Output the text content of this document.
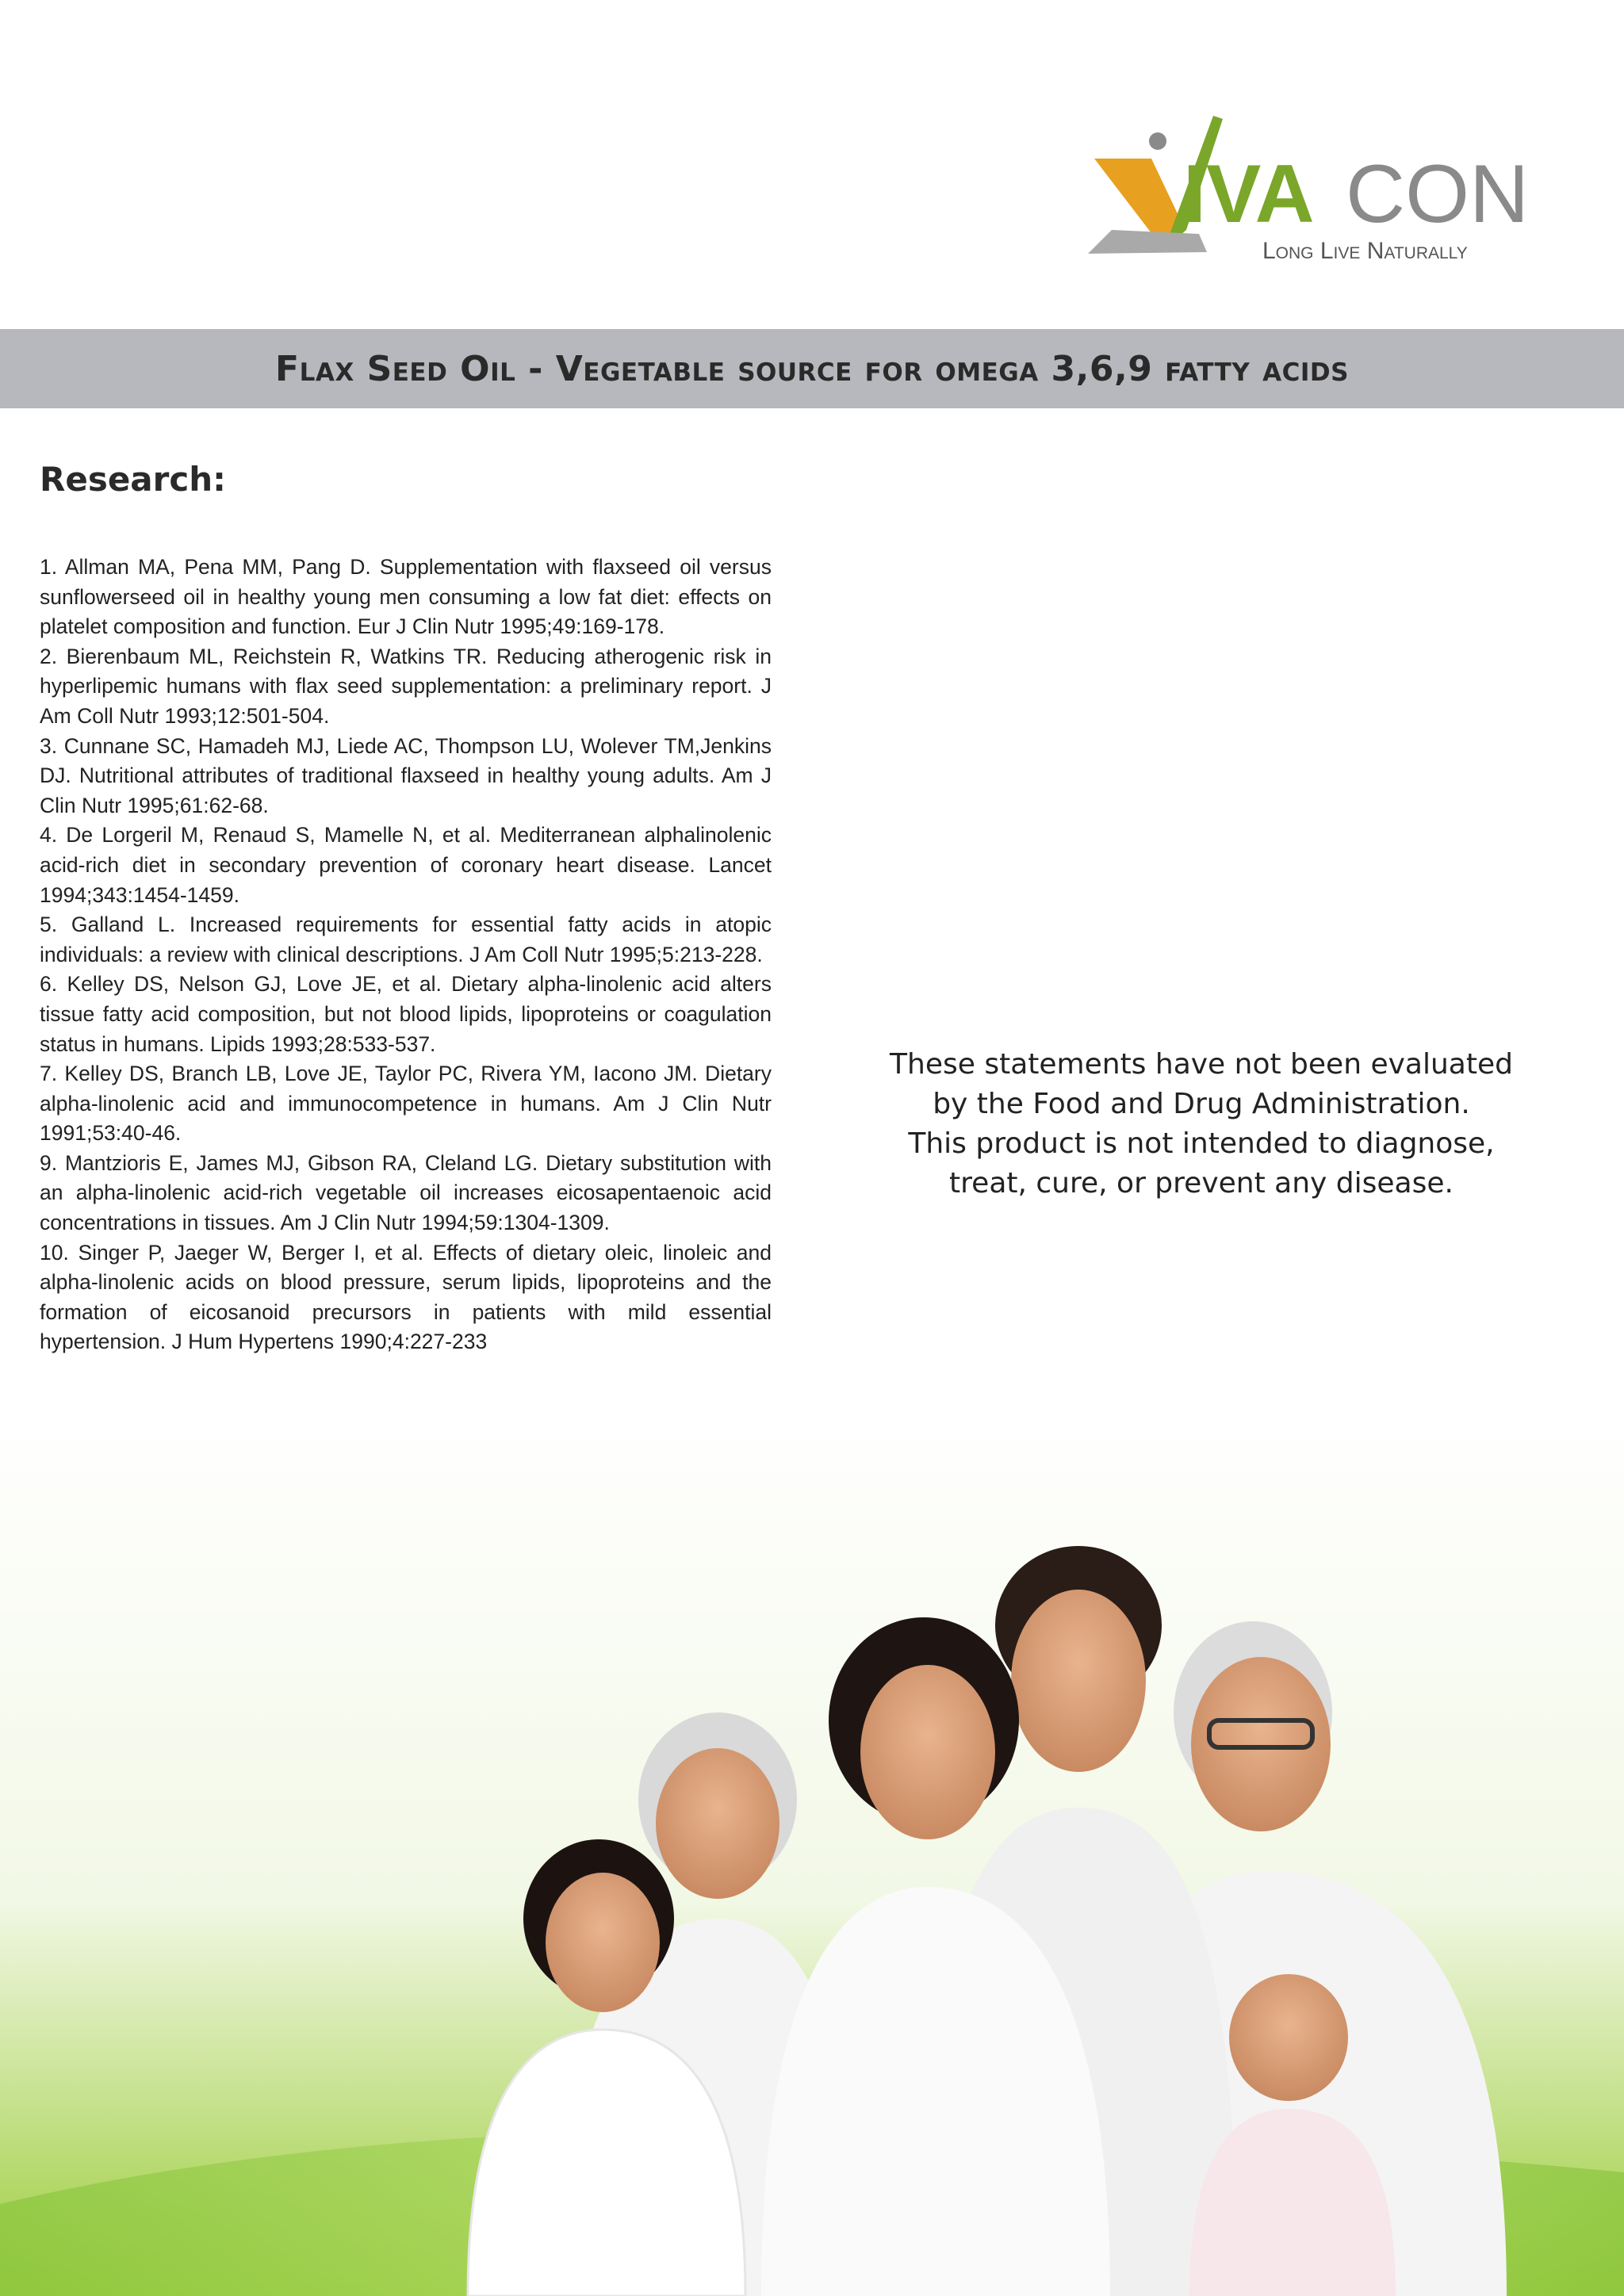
IVA CON
Long Live Naturally
Flax Seed Oil - Vegetable source for omega 3,6,9 fatty acids
Research:
1. Allman MA, Pena MM, Pang D. Supplementation with flaxseed oil versus sunflowerseed oil in healthy young men consuming a low fat diet: effects on platelet composition and function. Eur J Clin Nutr 1995;49:169-178.
2. Bierenbaum ML, Reichstein R, Watkins TR. Reducing atherogenic risk in hyperlipemic humans with flax seed supplementation: a preliminary report. J Am Coll Nutr 1993;12:501-504.
3. Cunnane SC, Hamadeh MJ, Liede AC, Thompson LU, Wolever TM,Jenkins DJ. Nutritional attributes of traditional flaxseed in healthy young adults. Am J Clin Nutr 1995;61:62-68.
4. De Lorgeril M, Renaud S, Mamelle N, et al. Mediterranean alphalinolenic acid-rich diet in secondary prevention of coronary heart disease. Lancet 1994;343:1454-1459.
5. Galland L. Increased requirements for essential fatty acids in atopic individuals: a review with clinical descriptions. J Am Coll Nutr 1995;5:213-228.
6. Kelley DS, Nelson GJ, Love JE, et al. Dietary alpha-linolenic acid alters tissue fatty acid composition, but not blood lipids, lipoproteins or coagulation status in humans. Lipids 1993;28:533-537.
7. Kelley DS, Branch LB, Love JE, Taylor PC, Rivera YM, Iacono JM. Dietary alpha-linolenic acid and immunocompetence in humans. Am J Clin Nutr 1991;53:40-46.
9. Mantzioris E, James MJ, Gibson RA, Cleland LG. Dietary substitution with an alpha-linolenic acid-rich vegetable oil increases eicosapentaenoic acid concentrations in tissues. Am J Clin Nutr 1994;59:1304-1309.
10. Singer P, Jaeger W, Berger I, et al. Effects of dietary oleic, linoleic and alpha-linolenic acids on blood pressure, serum lipids, lipoproteins and the formation of eicosanoid precursors in patients with mild essential hypertension. J Hum Hypertens 1990;4:227-233
These statements have not been evaluated
by the Food and Drug Administration.
This product is not intended to diagnose,
treat, cure, or prevent any disease.
